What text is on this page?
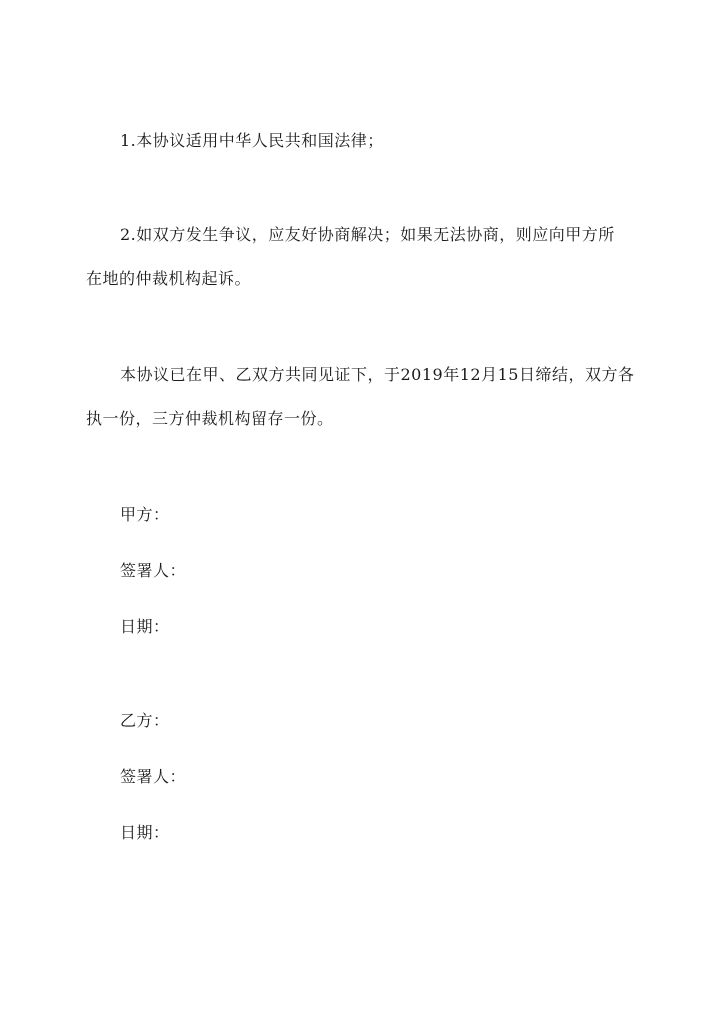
1.本协议适用中华人民共和国法律；
2.如双方发生争议，应友好协商解决；如果无法协商，则应向甲方所
在地的仲裁机构起诉。
本协议已在甲、乙双方共同见证下，于2019年12月15日缔结，双方各
执一份，三方仲裁机构留存一份。
甲方：
签署人：
日期：
乙方：
签署人：
日期：
